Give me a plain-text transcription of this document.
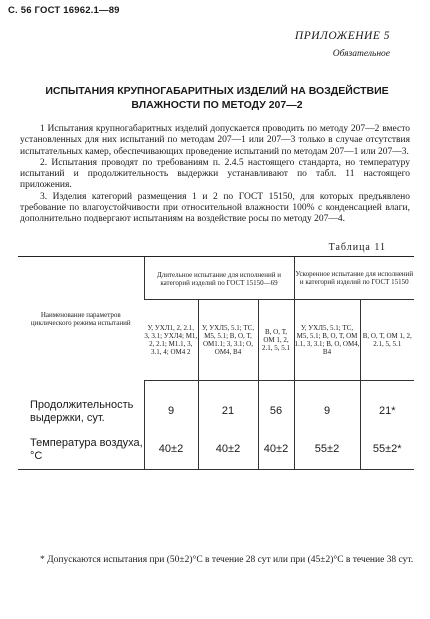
С. 56 ГОСТ 16962.1—89
ПРИЛОЖЕНИЕ 5
Обязательное
ИСПЫТАНИЯ КРУПНОГАБАРИТНЫХ ИЗДЕЛИЙ НА ВОЗДЕЙСТВИЕ ВЛАЖНОСТИ ПО МЕТОДУ 207—2

1 Испытания крупногабаритных изделий допускается проводить по методу 207—2 вместо установленных для них испытаний по методам 207—1 или 207—3 только в случае отсутствия испытательных камер, обеспечивающих проведение испытаний по методам 207—1 или 207—3.

2. Испытания проводят по требованиям п. 2.4.5 настоящего стандарта, но температуру испытаний и продолжительность выдержки устанавливают по табл. 11 настоящего приложения.

3. Изделия категорий размещения 1 и 2 по ГОСТ 15150, для которых предъявлено требование по влагоустойчивости при относительной влажности 100% с конденсацией влаги, дополнительно подвергают испытаниям на воздействие росы по методу 207—4.

Таблица 11
Наименование параметров циклического режима испытаний	Длительное испытание для исполнений и категорий изделий по ГОСТ 15150—69			Ускоренное испытание для исполнений и категорий изделий по ГОСТ 15150	
	У, УХЛ1, 2, 2.1, 3, 3.1; УХЛ4; М1, 2, 2.1; М1.1, 3, 3.1, 4; ОМ4 2	У, УХЛ5, 5.1; ТС, М5, 5.1; В, О, Т, ОМ1.1; 3, 3.1; О, ОМ4, В4	В, О, Т, ОМ 1, 2, 2.1, 5, 5.1	У, УХЛ5, 5.1; ТС, М5, 5.1; В, О, Т, ОМ 1.1, 3, 3.1; В, О, ОМ4, В4	В, О, Т, ОМ 1, 2, 2.1, 5, 5.1
Продолжительность выдержки, сут.	9	21	56	9	21*
Температура воздуха, °С	40±2	40±2	40±2	55±2	55±2*

* Допускаются испытания при (50±2)°С в течение 28 сут или при (45±2)°С в течение 38 сут.
